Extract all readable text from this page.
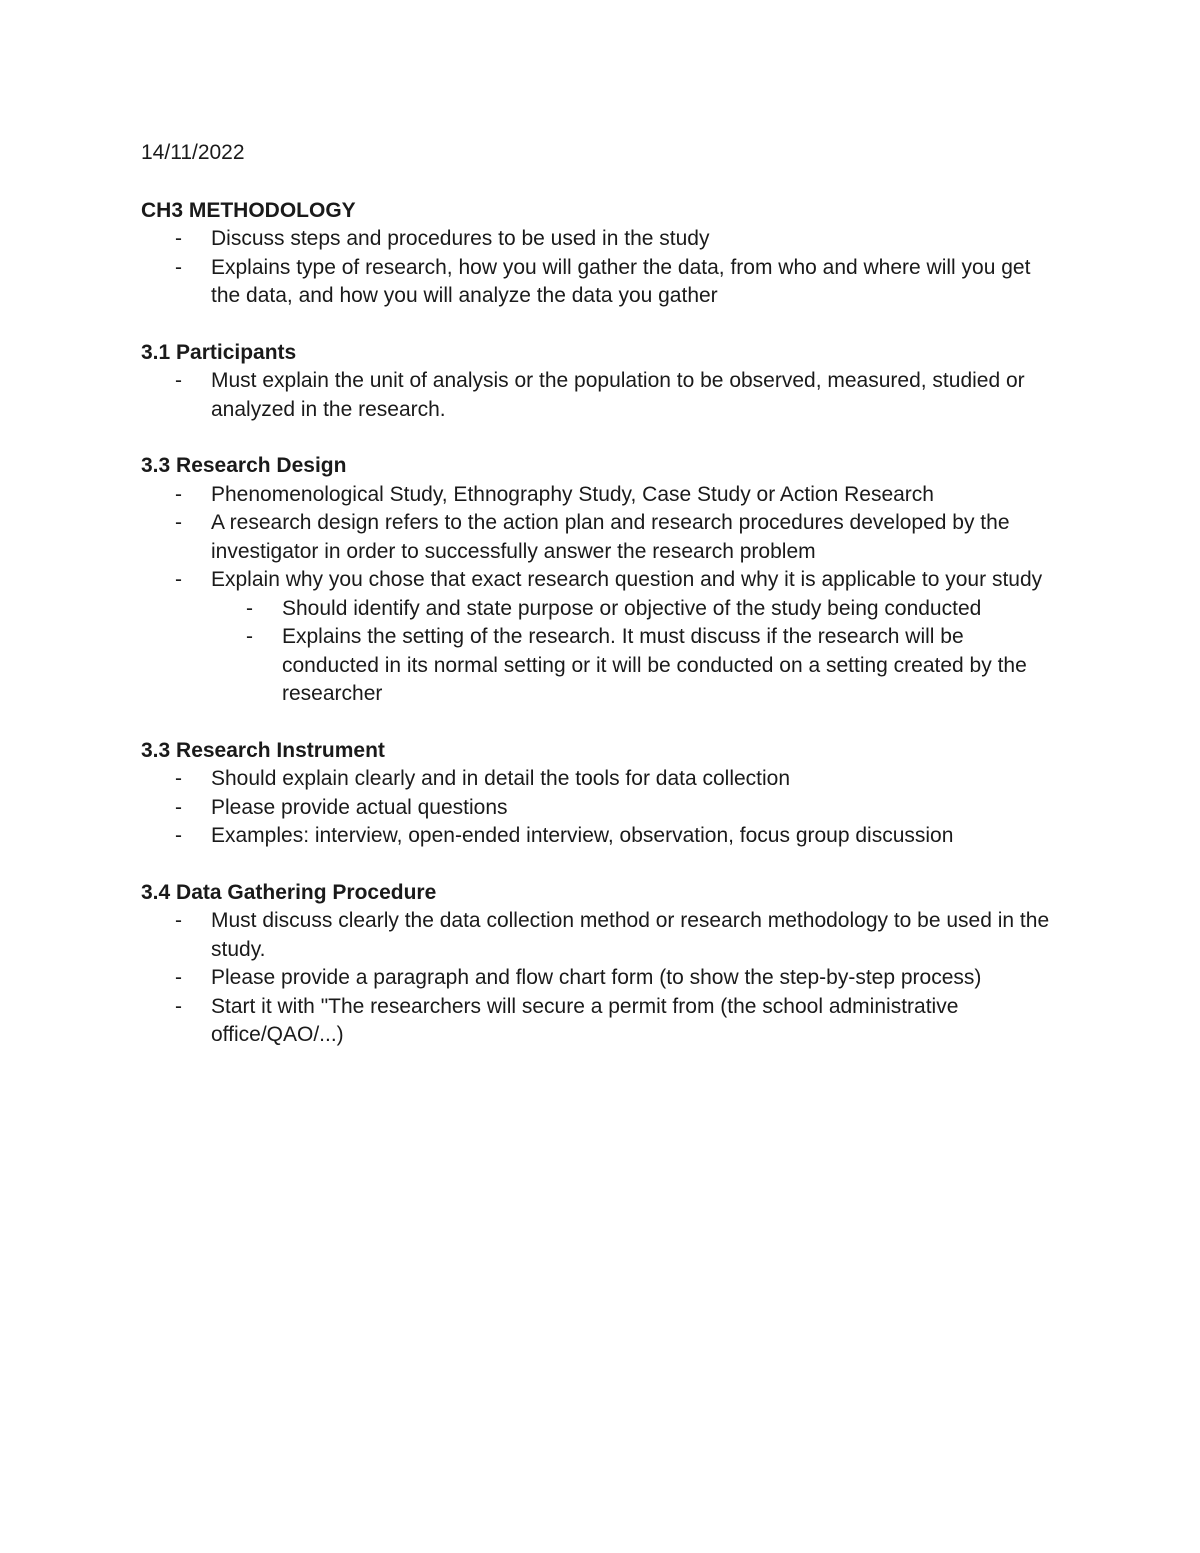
14/11/2022
CH3 METHODOLOGY
- Discuss steps and procedures to be used in the study
- Explains type of research, how you will gather the data, from who and where will you get the data, and how you will analyze the data you gather
3.1 Participants
- Must explain the unit of analysis or the population to be observed, measured, studied or analyzed in the research.
3.3 Research Design
- Phenomenological Study, Ethnography Study, Case Study or Action Research
- A research design refers to the action plan and research procedures developed by the investigator in order to successfully answer the research problem
- Explain why you chose that exact research question and why it is applicable to your study
- Should identify and state purpose or objective of the study being conducted
- Explains the setting of the research. It must discuss if the research will be conducted in its normal setting or it will be conducted on a setting created by the researcher
3.3 Research Instrument
- Should explain clearly and in detail the tools for data collection
- Please provide actual questions
- Examples: interview, open-ended interview, observation, focus group discussion
3.4 Data Gathering Procedure
- Must discuss clearly the data collection method or research methodology to be used in the study.
- Please provide a paragraph and flow chart form (to show the step-by-step process)
- Start it with "The researchers will secure a permit from (the school administrative office/QAO/...)
